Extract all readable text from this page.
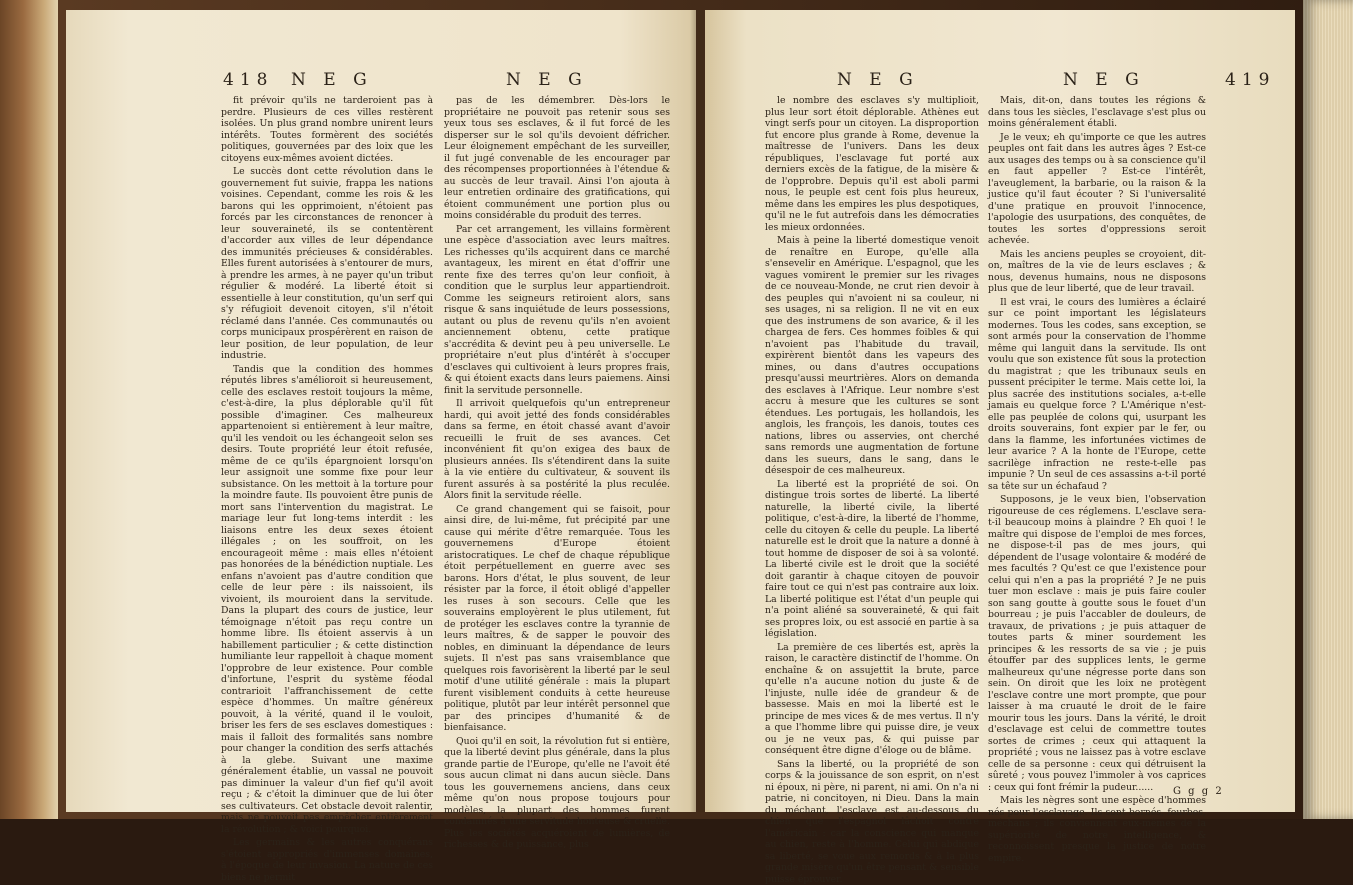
418 N E G	N E G

fit prévoir qu'ils ne tarderoient pas à perdre. Plusieurs de ces villes restèrent isolées. Un plus grand nombre unirent leurs intérêts. Toutes formèrent des sociétés politiques, gouvernées par des loix que les citoyens eux-mêmes avoient dictées.

Le succès dont cette révolution dans le gouvernement fut suivie, frappa les nations voisines. Cependant, comme les rois & les barons qui les opprimoient, n'étoient pas forcés par les circonstances de renoncer à leur souveraineté, ils se contentèrent d'accorder aux villes de leur dépendance des immunités précieuses & considérables. Elles furent autorisées à s'entourer de murs, à prendre les armes, à ne payer qu'un tribut régulier & modéré. La liberté étoit si essentielle à leur constitution, qu'un serf qui s'y réfugioit devenoit citoyen, s'il n'étoit réclamé dans l'année. Ces communautés ou corps municipaux prospérèrent en raison de leur position, de leur population, de leur industrie.

Tandis que la condition des hommes réputés libres s'amélioroit si heureusement, celle des esclaves restoit toujours la même, c'est-à-dire, la plus déplorable qu'il fût possible d'imaginer. Ces malheureux appartenoient si entièrement à leur maître, qu'il les vendoit ou les échangeoit selon ses desirs. Toute propriété leur étoit refusée, même de ce qu'ils épargnoient lorsqu'on leur assignoit une somme fixe pour leur subsistance. On les mettoit à la torture pour la moindre faute. Ils pouvoient être punis de mort sans l'intervention du magistrat. Le mariage leur fut long-tems interdit : les liaisons entre les deux sexes étoient illégales ; on les souffroit, on les encourageoit même : mais elles n'étoient pas honorées de la bénédiction nuptiale. Les enfans n'avoient pas d'autre condition que celle de leur père : ils naissoient, ils vivoient, ils mouroient dans la servitude. Dans la plupart des cours de justice, leur témoignage n'étoit pas reçu contre un homme libre. Ils étoient asservis à un habillement particulier ; & cette distinction humiliante leur rappelloit à chaque moment l'opprobre de leur existence. Pour comble d'infortune, l'esprit du système féodal contrarioit l'affranchissement de cette espèce d'hommes. Un maître généreux pouvoit, à la vérité, quand il le vouloit, briser les fers de ses esclaves domestiques : mais il falloit des formalités sans nombre pour changer la condition des serfs attachés à la glebe. Suivant une maxime généralement établie, un vassal ne pouvoit pas diminuer la valeur d'un fief qu'il avoit reçu ; & c'étoit la diminuer que de lui ôter ses cultivateurs. Cet obstacle devoit ralentir, mais ne pouvoit pas empêcher entièrement la révolution ; & voici pourquoi.

Les germains & les autres conquérans s'étoient appropriés d'immenses domaines, à l'époque de leur invasion. La nature de ces biens ne permit

pas de les démembrer. Dès-lors le propriétaire ne pouvoit pas retenir sous ses yeux tous ses esclaves, & il fut forcé de les disperser sur le sol qu'ils devoient défricher. Leur éloignement empêchant de les surveiller, il fut jugé convenable de les encourager par des récompenses proportionnées à l'étendue & au succès de leur travail. Ainsi l'on ajouta à leur entretien ordinaire des gratifications, qui étoient communément une portion plus ou moins considérable du produit des terres.

Par cet arrangement, les villains formèrent une espèce d'association avec leurs maîtres. Les richesses qu'ils acquirent dans ce marché avantageux, les mirent en état d'offrir une rente fixe des terres qu'on leur confioit, à condition que le surplus leur appartiendroit. Comme les seigneurs retiroient alors, sans risque & sans inquiétude de leurs possessions, autant ou plus de revenu qu'ils n'en avoient anciennement obtenu, cette pratique s'accrédita & devint peu à peu universelle. Le propriétaire n'eut plus d'intérêt à s'occuper d'esclaves qui cultivoient à leurs propres frais, & qui étoient exacts dans leurs paiemens. Ainsi finit la servitude personnelle.

Il arrivoit quelquefois qu'un entrepreneur hardi, qui avoit jetté des fonds considérables dans sa ferme, en étoit chassé avant d'avoir recueilli le fruit de ses avances. Cet inconvénient fit qu'on exigea des baux de plusieurs années. Ils s'étendirent dans la suite à la vie entière du cultivateur, & souvent ils furent assurés à sa postérité la plus reculée. Alors finit la servitude réelle.

Ce grand changement qui se faisoit, pour ainsi dire, de lui-même, fut précipité par une cause qui mérite d'être remarquée. Tous les gouvernemens d'Europe étoient aristocratiques. Le chef de chaque république étoit perpétuellement en guerre avec ses barons. Hors d'état, le plus souvent, de leur résister par la force, il étoit obligé d'appeller les ruses à son secours. Celle que les souverains employèrent le plus utilement, fut de protéger les esclaves contre la tyrannie de leurs maîtres, & de sapper le pouvoir des nobles, en diminuant la dépendance de leurs sujets. Il n'est pas sans vraisemblance que quelques rois favorisèrent la liberté par le seul motif d'une utilité générale : mais la plupart furent visiblement conduits à cette heureuse politique, plutôt par leur intérêt personnel que par des principes d'humanité & de bienfaisance.

Quoi qu'il en soit, la révolution fut si entière, que la liberté devint plus générale, dans la plus grande partie de l'Europe, qu'elle ne l'avoit été sous aucun climat ni dans aucun siècle. Dans tous les gouvernemens anciens, dans ceux même qu'on nous propose toujours pour modèles, la plupart des hommes furent condamnés à une servitude honteuse & cruelle. Plus les sociétés acquéroient de lumières, de richesses & de puissance, plus

N E G	N E G	419

le nombre des esclaves s'y multiplioit, plus leur sort étoit déplorable. Athènes eut vingt serfs pour un citoyen. La disproportion fut encore plus grande à Rome, devenue la maîtresse de l'univers. Dans les deux républiques, l'esclavage fut porté aux derniers excès de la fatigue, de la misère & de l'opprobre. Depuis qu'il est aboli parmi nous, le peuple est cent fois plus heureux, même dans les empires les plus despotiques, qu'il ne le fut autrefois dans les démocraties les mieux ordonnées.

Mais à peine la liberté domestique venoit de renaître en Europe, qu'elle alla s'ensevelir en Amérique. L'espagnol, que les vagues vomirent le premier sur les rivages de ce nouveau-Monde, ne crut rien devoir à des peuples qui n'avoient ni sa couleur, ni ses usages, ni sa religion. Il ne vit en eux que des instrumens de son avarice, & il les chargea de fers. Ces hommes foibles & qui n'avoient pas l'habitude du travail, expirèrent bientôt dans les vapeurs des mines, ou dans d'autres occupations presqu'aussi meurtrières. Alors on demanda des esclaves à l'Afrique. Leur nombre s'est accru à mesure que les cultures se sont étendues. Les portugais, les hollandois, les anglois, les françois, les danois, toutes ces nations, libres ou asservies, ont cherché sans remords une augmentation de fortune dans les sueurs, dans le sang, dans le désespoir de ces malheureux.

La liberté est la propriété de soi. On distingue trois sortes de liberté. La liberté naturelle, la liberté civile, la liberté politique, c'est-à-dire, la liberté de l'homme, celle du citoyen & celle du peuple. La liberté naturelle est le droit que la nature a donné à tout homme de disposer de soi à sa volonté. La liberté civile est le droit que la société doit garantir à chaque citoyen de pouvoir faire tout ce qui n'est pas contraire aux loix. La liberté politique est l'état d'un peuple qui n'a point aliéné sa souveraineté, & qui fait ses propres loix, ou est associé en partie à sa législation.

La première de ces libertés est, après la raison, le caractère distinctif de l'homme. On enchaîne & on assujettit la brute, parce qu'elle n'a aucune notion du juste & de l'injuste, nulle idée de grandeur & de bassesse. Mais en moi la liberté est le principe de mes vices & de mes vertus. Il n'y a que l'homme libre qui puisse dire, je veux ou je ne veux pas, & qui puisse par conséquent être digne d'éloge ou de blâme.

Sans la liberté, ou la propriété de son corps & la jouissance de son esprit, on n'est ni époux, ni père, ni parent, ni ami. On n'a ni patrie, ni concitoyen, ni Dieu. Dans la main du méchant, l'esclave est au-dessous du chien que l'espagnol lâchoit contre l'américain : car la conscience qui manque au chien, reste à l'homme. Celui qui abdique sa liberté, se voue aux remords & à la plus grande misère qu'un être pensant & sensible puisse éprouver.

Mais, dit-on, dans toutes les régions & dans tous les siècles, l'esclavage s'est plus ou moins généralement établi.

Je le veux; eh qu'importe ce que les autres peuples ont fait dans les autres âges ? Est-ce aux usages des temps ou à sa conscience qu'il en faut appeller ? Est-ce l'intérêt, l'aveuglement, la barbarie, ou la raison & la justice qu'il faut écouter ? Si l'universalité d'une pratique en prouvoit l'innocence, l'apologie des usurpations, des conquêtes, de toutes les sortes d'oppressions seroit achevée.

Mais les anciens peuples se croyoient, dit-on, maîtres de la vie de leurs esclaves ; & nous, devenus humains, nous ne disposons plus que de leur liberté, que de leur travail.

Il est vrai, le cours des lumières a éclairé sur ce point important les législateurs modernes. Tous les codes, sans exception, se sont armés pour la conservation de l'homme même qui languit dans la servitude. Ils ont voulu que son existence fût sous la protection du magistrat ; que les tribunaux seuls en pussent précipiter le terme. Mais cette loi, la plus sacrée des institutions sociales, a-t-elle jamais eu quelque force ? L'Amérique n'est-elle pas peuplée de colons qui, usurpant les droits souverains, font expier par le fer, ou dans la flamme, les infortunées victimes de leur avarice ? A la honte de l'Europe, cette sacrilège infraction ne reste-t-elle pas impunie ? Un seul de ces assassins a-t-il porté sa tête sur un échafaud ?

Supposons, je le veux bien, l'observation rigoureuse de ces réglemens. L'esclave sera-t-il beaucoup moins à plaindre ? Eh quoi ! le maître qui dispose de l'emploi de mes forces, ne dispose-t-il pas de mes jours, qui dépendent de l'usage volontaire & modéré de mes facultés ? Qu'est ce que l'existence pour celui qui n'en a pas la propriété ? Je ne puis tuer mon esclave : mais je puis faire couler son sang goutte à goutte sous le fouet d'un bourreau ; je puis l'accabler de douleurs, de travaux, de privations ; je puis attaquer de toutes parts & miner sourdement les principes & les ressorts de sa vie ; je puis étouffer par des supplices lents, le germe malheureux qu'une négresse porte dans son sein. On diroit que les loix ne protègent l'esclave contre une mort prompte, que pour laisser à ma cruauté le droit de le faire mourir tous les jours. Dans la vérité, le droit d'esclavage est celui de commettre toutes sortes de crimes ; ceux qui attaquent la propriété ; vous ne laissez pas à votre esclave celle de sa personne : ceux qui détruisent la sûreté ; vous pouvez l'immoler à vos caprices : ceux qui font frémir la pudeur......

Mais les nègres sont une espèce d'hommes nés pour l'esclavage. Ils sont bornés, fourbes, méchans ; ils conviennent eux-mêmes de la supériorité de notre intelligence, & reconnoissent presque la justice de notre empire.

G g g 2
